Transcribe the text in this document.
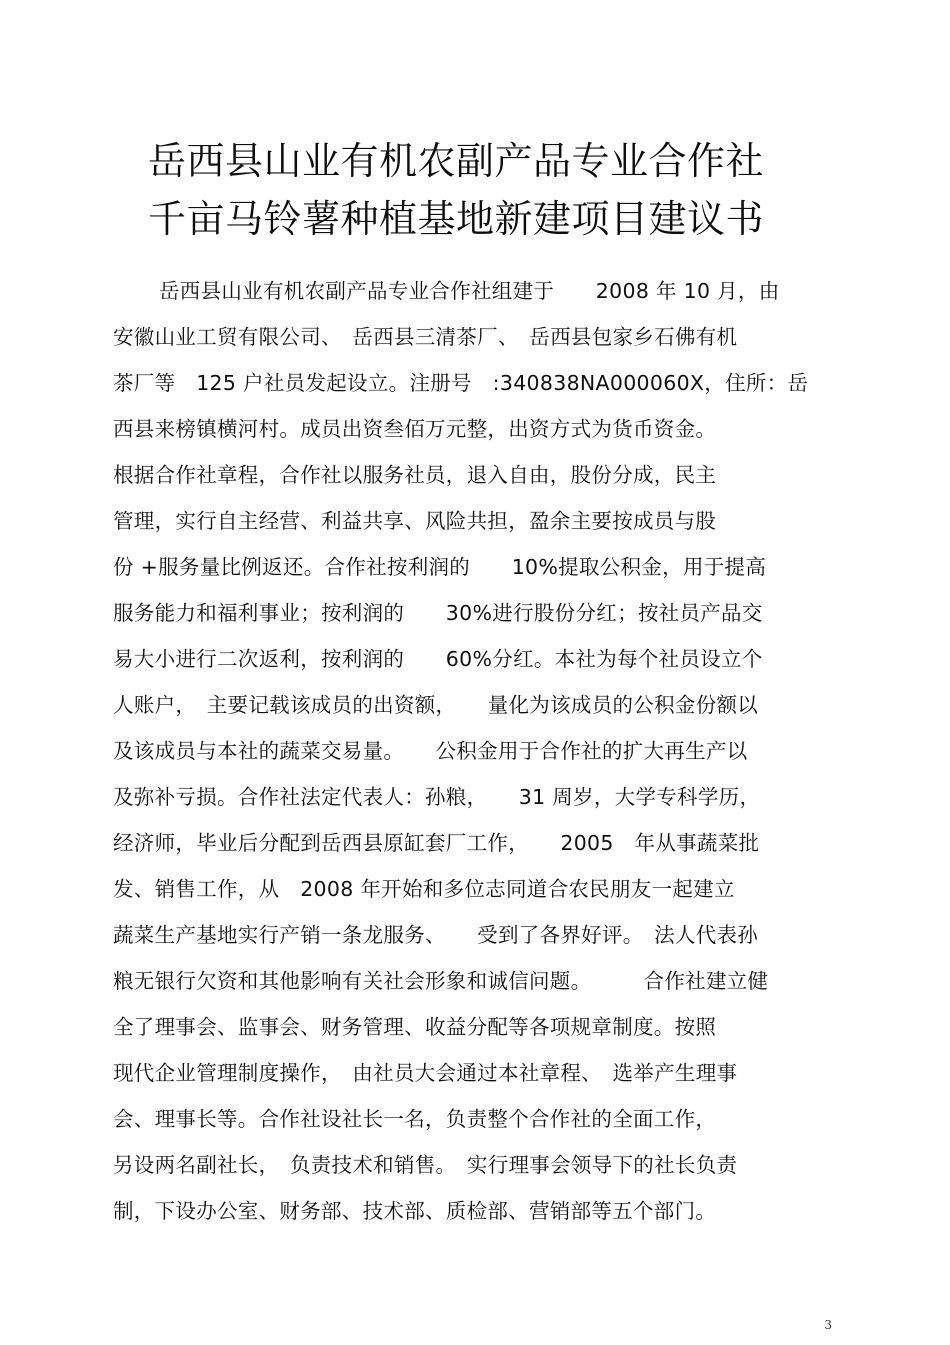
岳西县山业有机农副产品专业合作社
千亩马铃薯种植基地新建项目建议书
岳西县山业有机农副产品专业合作社组建于　　2008 年 10 月，由
安徽山业工贸有限公司、　岳西县三清茶厂、　岳西县包家乡石佛有机
茶厂等　125 户社员发起设立。注册号　:340838NA000060X，住所：岳
西县来榜镇横河村。成员出资叁佰万元整，出资方式为货币资金。
根据合作社章程，合作社以服务社员，退入自由，股份分成，民主
管理，实行自主经营、利益共享、风险共担，盈余主要按成员与股
份 +服务量比例返还。合作社按利润的　　10%提取公积金，用于提高
服务能力和福利事业；按利润的　　30%进行股份分红；按社员产品交
易大小进行二次返利，按利润的　　60%分红。本社为每个社员设立个
人账户，　主要记载该成员的出资额，　　量化为该成员的公积金份额以
及该成员与本社的蔬菜交易量。　　公积金用于合作社的扩大再生产以
及弥补亏损。合作社法定代表人：孙粮，　　31 周岁，大学专科学历，
经济师，毕业后分配到岳西县原缸套厂工作，　　2005　年从事蔬菜批
发、销售工作，从　2008 年开始和多位志同道合农民朋友一起建立
蔬菜生产基地实行产销一条龙服务、　　受到了各界好评。　法人代表孙
粮无银行欠资和其他影响有关社会形象和诚信问题。　　　合作社建立健
全了理事会、监事会、财务管理、收益分配等各项规章制度。按照
现代企业管理制度操作，　由社员大会通过本社章程、　选举产生理事
会、理事长等。合作社设社长一名，负责整个合作社的全面工作，
另设两名副社长，　负责技术和销售。　实行理事会领导下的社长负责
制，下设办公室、财务部、技术部、质检部、营销部等五个部门。
3
